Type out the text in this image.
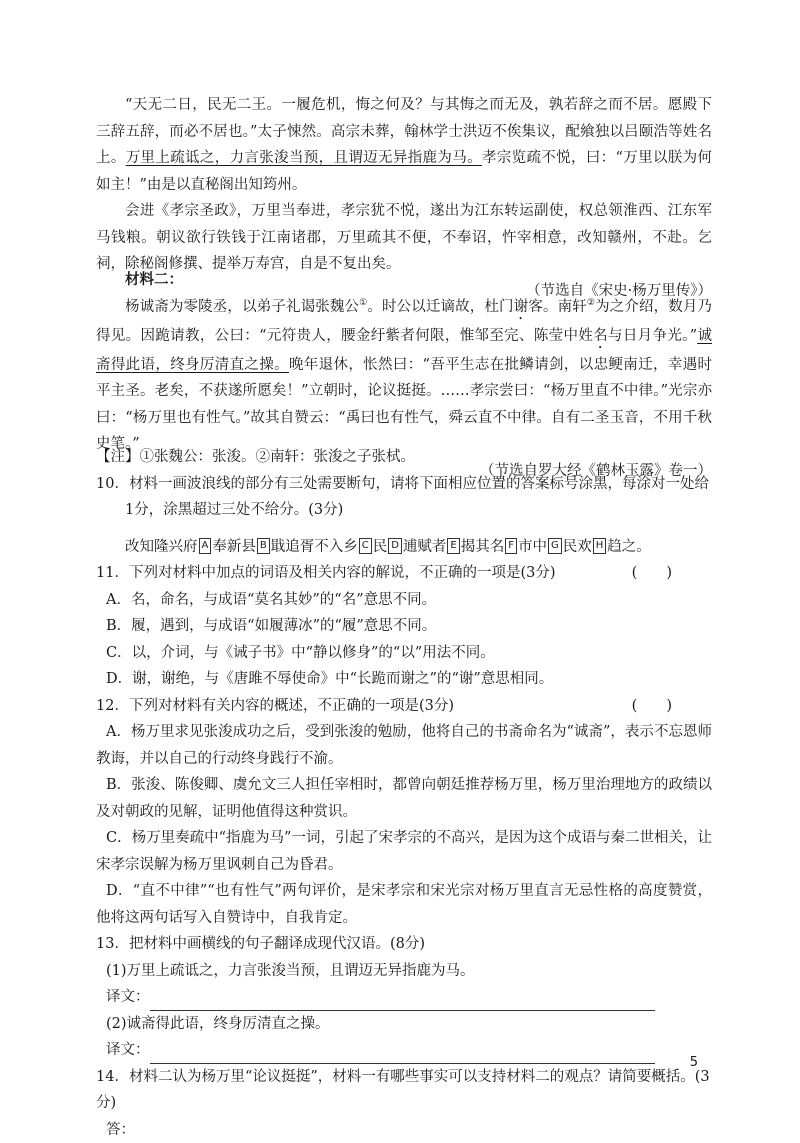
“天无二日，民无二王。一履危机，悔之何及？与其悔之而无及，孰若辞之而不居。愿殿下三辞五辞，而必不居也。”太子悚然。高宗未葬，翰林学士洪迈不俟集议，配飨独以吕颐浩等姓名上。万里上疏诋之，力言张浚当预，且谓迈无异指鹿为马。孝宗览疏不悦，曰：“万里以朕为何如主！”由是以直秘阁出知筠州。

会进《孝宗圣政》，万里当奉进，孝宗犹不悦，遂出为江东转运副使，权总领淮西、江东军马钱粮。朝议欲行铁钱于江南诸郡，万里疏其不便，不奉诏，忤宰相意，改知赣州，不赴。乞祠，除秘阁修撰、提举万寿宫，自是不复出矣。

（节选自《宋史·杨万里传》）

材料二：

杨诚斋为零陵丞，以弟子礼谒张魏公①。时公以迁谪故，杜门谢客。南轩②为之介绍，数月乃得见。因跪请教，公曰：“元符贵人，腰金纡紫者何限，惟邹至完、陈莹中姓名与日月争光。”诚斋得此语，终身厉清直之操。晚年退休，怅然曰：“吾平生志在批鳞请剑，以忠鲠南迁，幸遇时平主圣。老矣，不获遂所愿矣！”立朝时，论议挺挺。……孝宗尝曰：“杨万里直不中律。”光宗亦曰：“杨万里也有性气。”故其自赞云：“禹曰也有性气，舜云直不中律。自有二圣玉音，不用千秋史笔。”

（节选自罗大经《鹤林玉露》卷一）

【注】①张魏公：张浚。②南轩：张浚之子张栻。

10．材料一画波浪线的部分有三处需要断句，请将下面相应位置的答案标号涂黑，每涂对一处给1分，涂黑超过三处不给分。(3分)

改知隆兴府 A 奉新县 B 戢追胥不入乡 C 民 D 逋赋者 E 揭其名 F 市中 G 民欢 H 趋之。

11．下列对材料中加点的词语及相关内容的解说，不正确的一项是(3分)	(　　)

A．名，命名，与成语“莫名其妙”的“名”意思不同。

B．履，遇到，与成语“如履薄冰”的“履”意思不同。

C．以，介词，与《诫子书》中“静以修身”的“以”用法不同。

D．谢，谢绝，与《唐雎不辱使命》中“长跪而谢之”的“谢”意思相同。

12．下列对材料有关内容的概述，不正确的一项是(3分)	(　　)

A．杨万里求见张浚成功之后，受到张浚的勉励，他将自己的书斋命名为“诚斋”，表示不忘恩师教诲，并以自己的行动终身践行不渝。

B．张浚、陈俊卿、虞允文三人担任宰相时，都曾向朝廷推荐杨万里，杨万里治理地方的政绩以及对朝政的见解，证明他值得这种赏识。

C．杨万里奏疏中“指鹿为马”一词，引起了宋孝宗的不高兴，是因为这个成语与秦二世相关，让宋孝宗误解为杨万里讽刺自己为昏君。

D．“直不中律”“也有性气”两句评价，是宋孝宗和宋光宗对杨万里直言无忌性格的高度赞赏，他将这两句话写入自赞诗中，自我肯定。

13．把材料中画横线的句子翻译成现代汉语。(8分)

(1)万里上疏诋之，力言张浚当预，且谓迈无异指鹿为马。

译文：

(2)诚斋得此语，终身厉清直之操。

译文：

14．材料二认为杨万里“论议挺挺”，材料一有哪些事实可以支持材料二的观点？请简要概括。(3分)

答：

5
